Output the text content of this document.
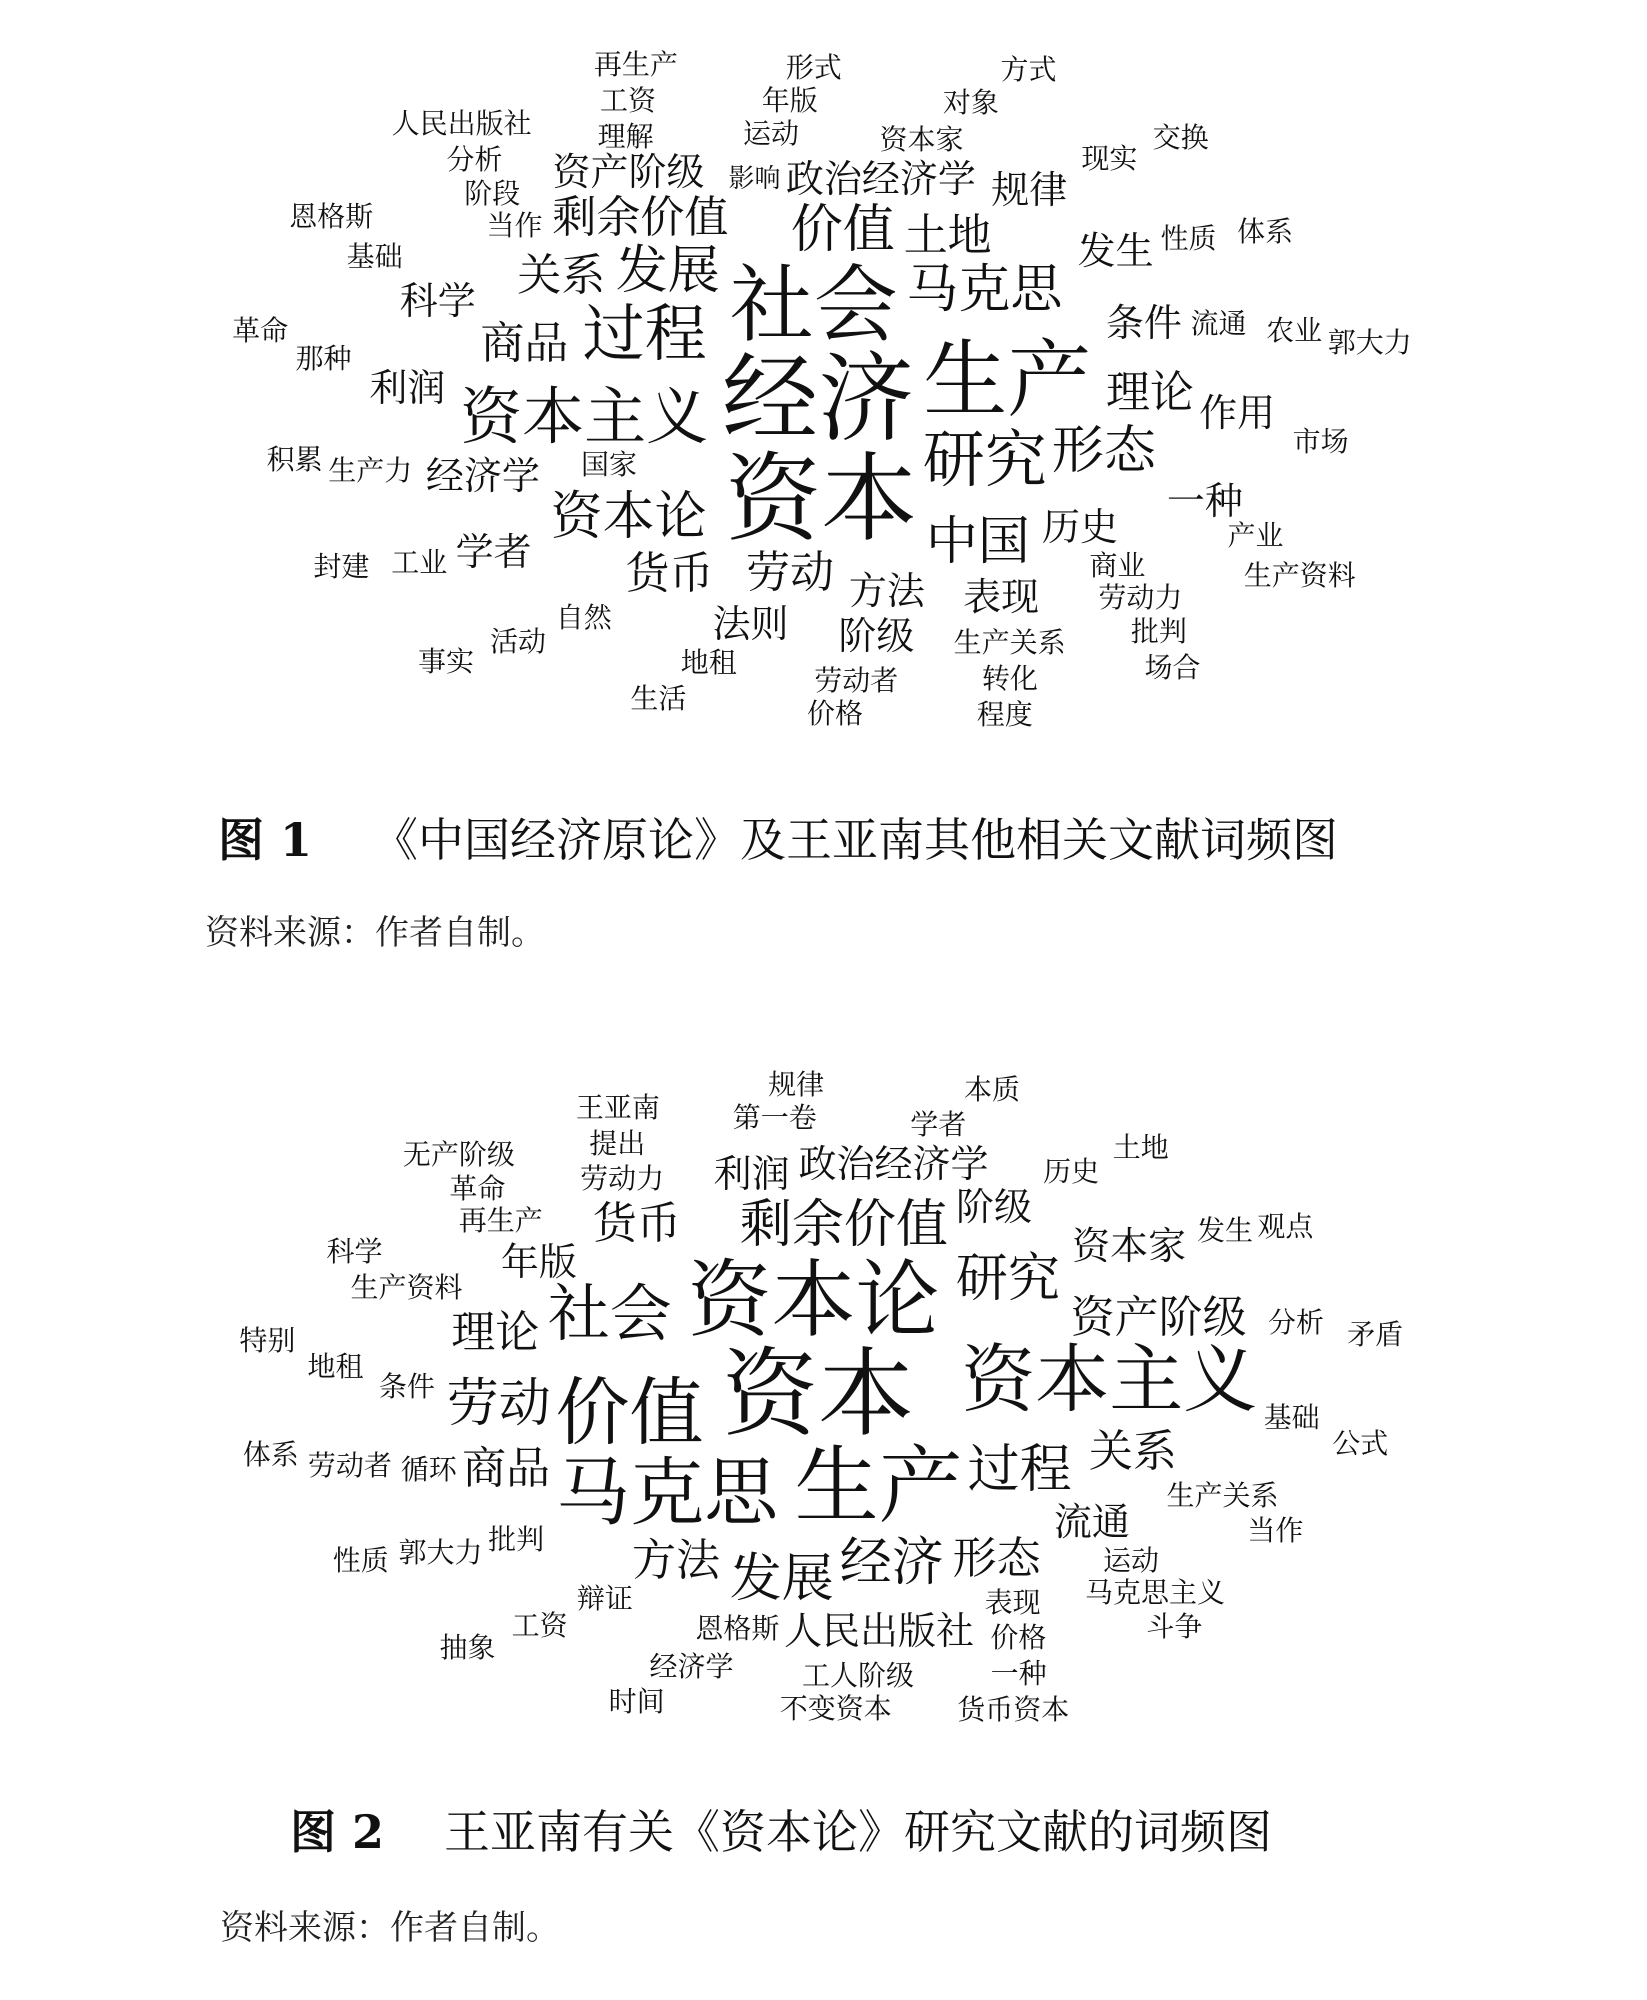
经济
资本
社会
生产
资本主义
研究
过程
马克思
资本论
发展
价值
中国
形态
劳动
土地
商品
剩余价值
货币
关系
理论
方法
历史
经济学
政治经济学
条件
表现
法则
发生
阶级
规律
资产阶级
学者
利润
科学
作用
一种
国家
商业
当作
流通
自然
运动	资本家
生产关系
地租
劳动力
劳动者
生产力
性质
阶段
理解
工业
年版
现实
农业
产业
转化
活动
那种
基础
对象
市场
批判
价格
生活
分析
工资
体系
积累
形式
程度
封建
交换
生产资料
郭大力
场合
事实
恩格斯
人民出版社
再生产
革命
方式
影响
图 1 《中国经济原论》及王亚南其他相关文献词频图
资料来源：作者自制。
资本
资本论
生产
马克思
价值	资本主义
社会
剩余价值
过程
研究
经济
发展
劳动
方法
关系
形态
商品
理论
货币
资产阶级
流通
年版
阶级
利润 政治经济学
人民出版社
资本家
恩格斯
批判
表现
辩证
循环
劳动力
条件
运动
再生产
生产关系
生产资料
历史
郭大力
价格
提出
第一卷	学者
马克思主义
工人阶级
经济学
劳动者
基础
工资
地租
革命
发生
分析
当作
一种
科学
王亚南
规律
土地
斗争
不变资本
无产阶级
性质
本质
观点
公式
时间
抽象
体系
特别
货币资本
矛盾
图 2 王亚南有关《资本论》研究文献的词频图
资料来源：作者自制。
